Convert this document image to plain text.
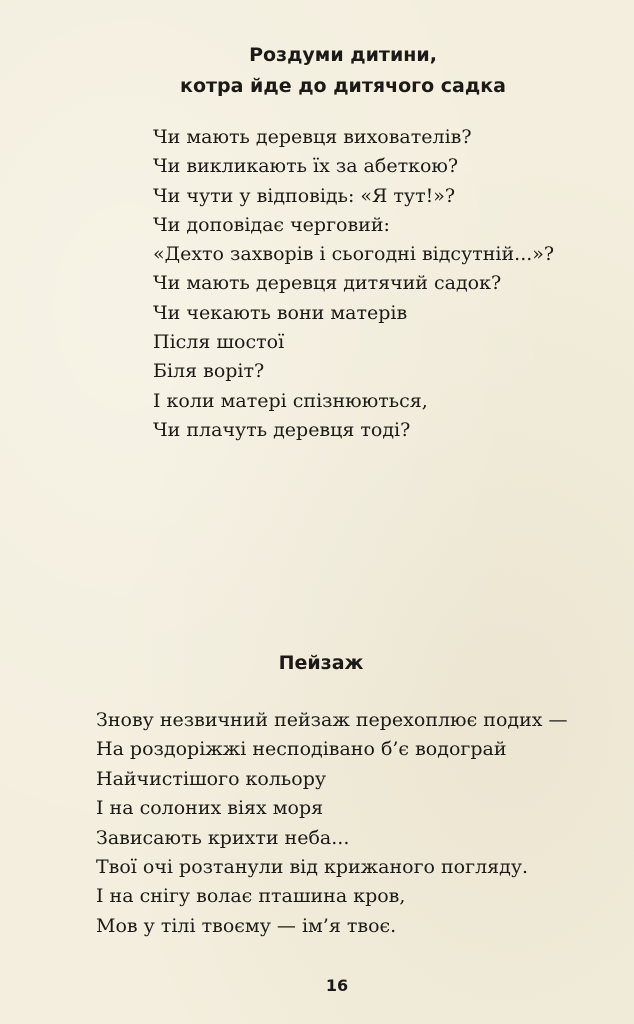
Роздуми дитини,
котра йде до дитячого садка
Чи мають деревця вихователів?
Чи викликають їх за абеткою?
Чи чути у відповідь: «Я тут!»?
Чи доповідає черговий:
«Дехто захворів і сьогодні відсутній...»?
Чи мають деревця дитячий садок?
Чи чекають вони матерів
Після шостої
Біля воріт?
І коли матері спізнюються,
Чи плачуть деревця тоді?
Пейзаж
Знову незвичний пейзаж перехоплює подих —
На роздоріжжі несподівано б’є водограй
Найчистішого кольору
І на солоних віях моря
Зависають крихти неба...
Твої очі розтанули від крижаного погляду.
І на снігу волає пташина кров,
Мов у тілі твоєму — ім’я твоє.
16
